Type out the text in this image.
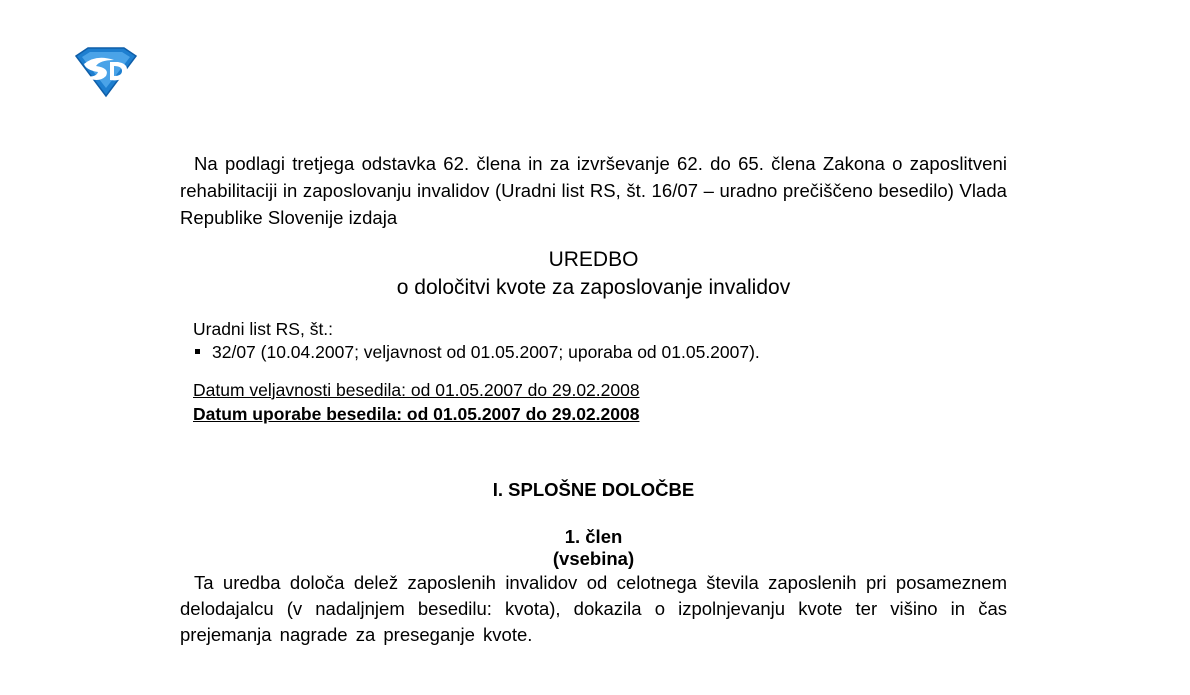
Na podlagi tretjega odstavka 62. člena in za izvrševanje 62. do 65. člena Zakona o zaposlitveni rehabilitaciji in zaposlovanju invalidov (Uradni list RS, št. 16/07 – uradno prečiščeno besedilo) Vlada Republike Slovenije izdaja

UREDBO

o določitvi kvote za zaposlovanje invalidov

Uradni list RS, št.:
32/07 (10.04.2007; veljavnost od 01.05.2007; uporaba od 01.05.2007).
Datum veljavnosti besedila: od 01.05.2007 do 29.02.2008
Datum uporabe besedila: od 01.05.2007 do 29.02.2008
I. SPLOŠNE DOLOČBE
1. člen
(vsebina)

Ta uredba določa delež zaposlenih invalidov od celotnega števila zaposlenih pri posameznem delodajalcu (v nadaljnjem besedilu: kvota), dokazila o izpolnjevanju kvote ter višino in čas prejemanja nagrade za preseganje kvote.
